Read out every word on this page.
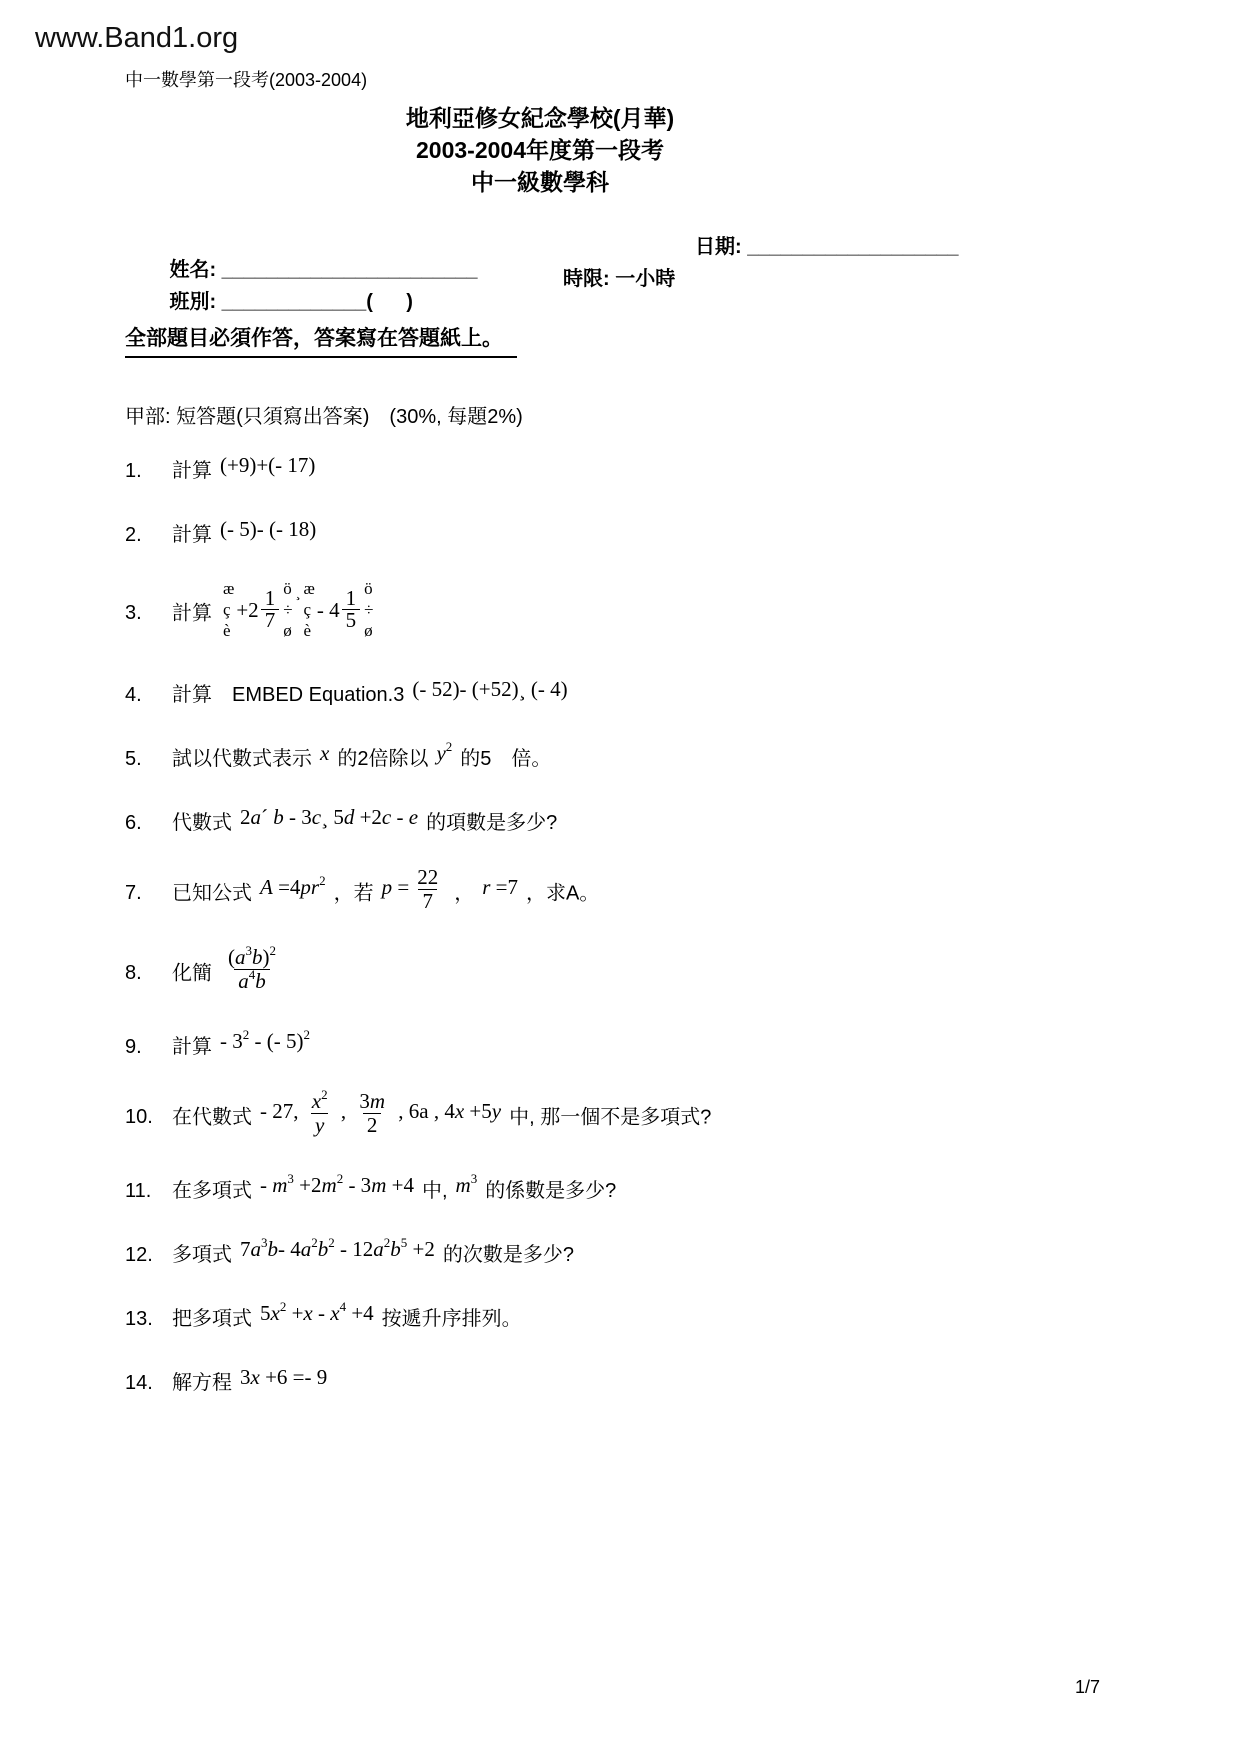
www.Band1.org
中一數學第一段考(2003-2004)
地利亞修女紀念學校(月華)
2003-2004年度第一段考
中一級數學科

姓名: _______________________

日期: ___________________

班別: _____________(      )

時限: 一小時

全部題目必須作答，答案寫在答題紙上。
甲部: 短答題(只須寫出答案)　(30%, 每題2%)
1.	計算 (+9)+(- 17)
2.	計算 (- 5)- (- 18)
3.	計算
æ
ç
è
$+2 \frac{1}{7}$ ö
÷
ø
¸ æ
ç
è
- $4 \frac{1}{5}$ ö
÷
ø
4.	計算　EMBED Equation.3 (- 52)- (+52)¸ (- 4)
5.	試以代數式表示 x 的2倍除以 $y^2$的5　倍。
6.	代數式 2a´ b - 3c¸ 5d +2c - e 的項數是多少?
7.	已知公式 $A =4pr^2$，若 $p = \frac{22}{7}$ ， r =7 ，求A。
8.	化簡 $\frac{(a^3b)^2}{a^4b}$
9.	計算 - $3^2$ - (- 5)$^2$
10. 在代數式 - 27, $\frac{x^2}{y}$ , $\frac{3m}{2}$ , 6a , 4x +5y 中, 那一個不是多項式?
11.	在多項式 - $m^3 +2m^2 - 3m +4$ 中, $m^3$的係數是多少?
12. 多項式 $7a^3b-$ $4a^2b^2 - 12a^2b^5 +2$ 的次數是多少?
13. 把多項式 $5x^2 +x - x^4 +4$ 按遞升序排列。
14. 解方程 3x +6 =- 9
1/7
